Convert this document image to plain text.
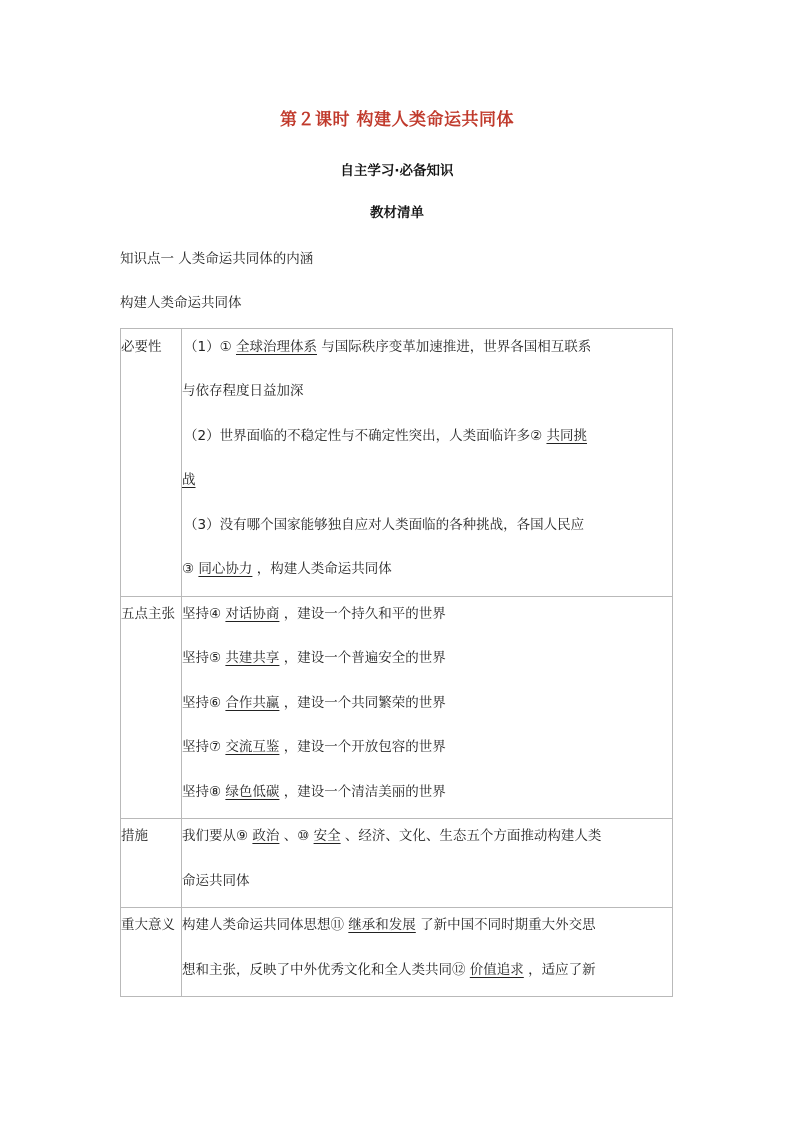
第２课时 构建人类命运共同体
自主学习·必备知识
教材清单
知识点一 人类命运共同体的内涵
构建人类命运共同体
必要性	（1）① 全球治理体系 与国际秩序变革加速推进，世界各国相互联系
与依存程度日益加深
（2）世界面临的不稳定性与不确定性突出，人类面临许多② 共同挑
战
（3）没有哪个国家能够独自应对人类面临的各种挑战，各国人民应
③ 同心协力 ，构建人类命运共同体
五点主张 坚持④ 对话协商 ，建设一个持久和平的世界
坚持⑤ 共建共享 ，建设一个普遍安全的世界
坚持⑥ 合作共赢 ，建设一个共同繁荣的世界
坚持⑦ 交流互鉴 ，建设一个开放包容的世界
坚持⑧ 绿色低碳 ，建设一个清洁美丽的世界
措施	我们要从⑨ 政治 、⑩ 安全 、经济、文化、生态五个方面推动构建人类
命运共同体
重大意义 构建人类命运共同体思想⑪ 继承和发展 了新中国不同时期重大外交思
想和主张，反映了中外优秀文化和全人类共同⑫ 价值追求 ，适应了新
